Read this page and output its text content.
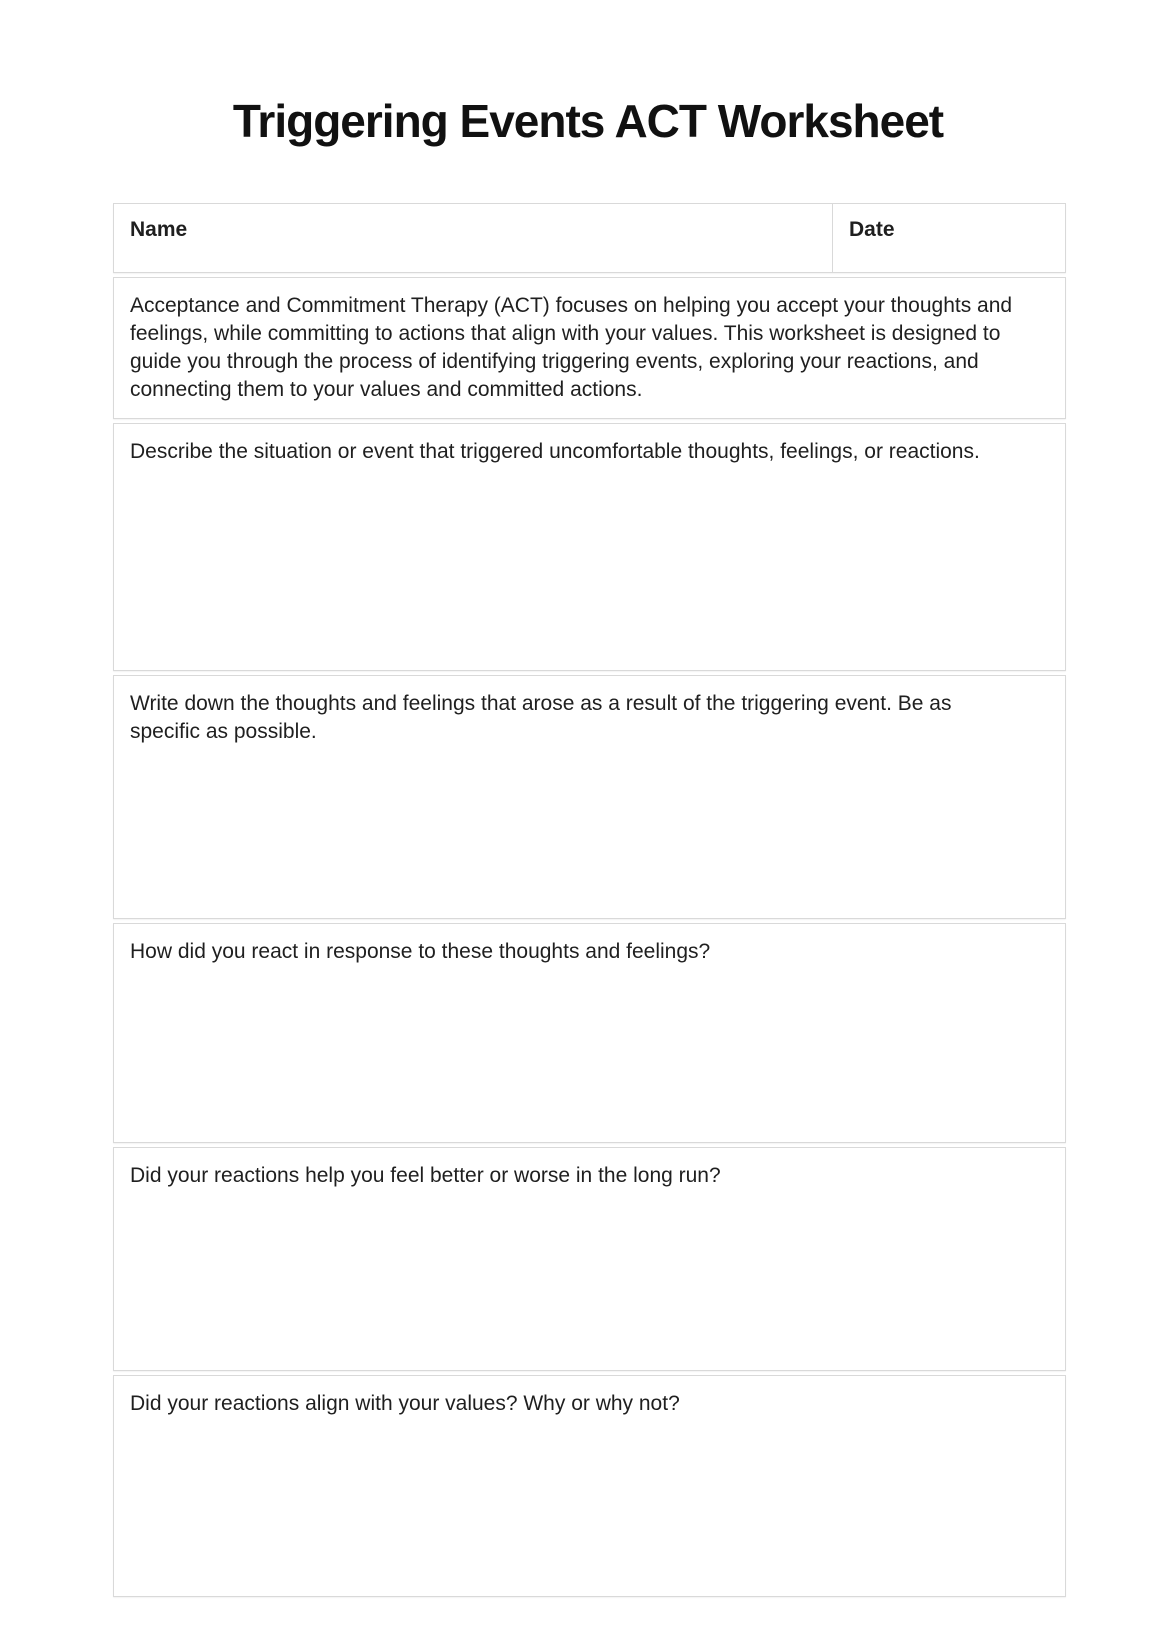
Triggering Events ACT Worksheet
Name	Date
Acceptance and Commitment Therapy (ACT) focuses on helping you accept your thoughts and feelings, while committing to actions that align with your values. This worksheet is designed to guide you through the process of identifying triggering events, exploring your reactions, and connecting them to your values and committed actions.
Describe the situation or event that triggered uncomfortable thoughts, feelings, or reactions.
Write down the thoughts and feelings that arose as a result of the triggering event. Be as specific as possible.
How did you react in response to these thoughts and feelings?
Did your reactions help you feel better or worse in the long run?
Did your reactions align with your values? Why or why not?
